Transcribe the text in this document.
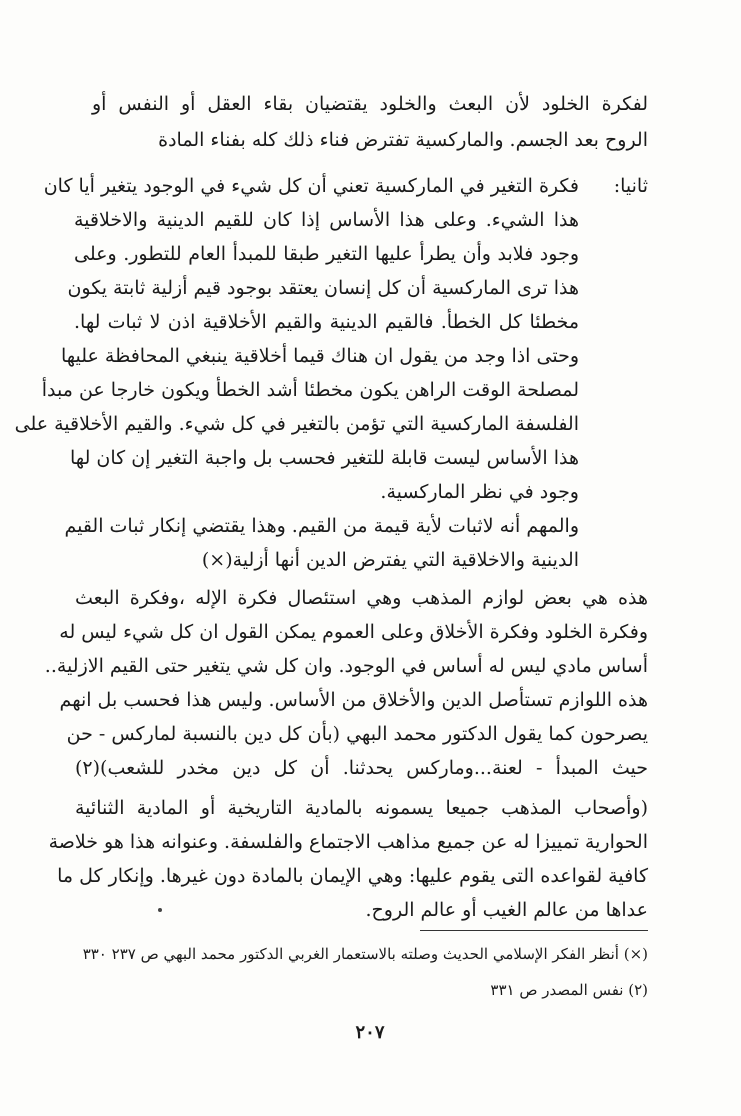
لفكرة الخلود لأن البعث والخلود يقتضيان بقاء العقل أو النفس أو
الروح بعد الجسم. والماركسية تفترض فناء ذلك كله بفناء المادة
ثانيا:
فكرة التغير في الماركسية تعني أن كل شيء في الوجود يتغير أيا كان
هذا الشيء. وعلى هذا الأساس إذا كان للقيم الدينية والاخلاقية
وجود فلابد وأن يطرأ عليها التغير طبقا للمبدأ العام للتطور. وعلى
هذا ترى الماركسية أن كل إنسان يعتقد بوجود قيم أزلية ثابتة يكون
مخطئا كل الخطأ. فالقيم الدينية والقيم الأخلاقية اذن لا ثبات لها.
وحتى اذا وجد من يقول ان هناك قيما أخلاقية ينبغي المحافظة عليها
لمصلحة الوقت الراهن يكون مخطئا أشد الخطأ ويكون خارجا عن مبدأ
الفلسفة الماركسية التي تؤمن بالتغير في كل شيء. والقيم الأخلاقية على
هذا الأساس ليست قابلة للتغير فحسب بل واجبة التغير إن كان لها
وجود في نظر الماركسية.
والمهم أنه لاثبات لأية قيمة من القيم. وهذا يقتضي إنكار ثبات القيم
الدينية والاخلاقية التي يفترض الدين أنها أزلية(×)
هذه هي بعض لوازم المذهب وهي استئصال فكرة الإله ،وفكرة البعث
وفكرة الخلود وفكرة الأخلاق وعلى العموم يمكن القول ان كل شيء ليس له
أساس مادي ليس له أساس في الوجود. وان كل شي يتغير حتى القيم الازلية..
هذه اللوازم تستأصل الدين والأخلاق من الأساس. وليس هذا فحسب بل انهم
يصرحون كما يقول الدكتور محمد البهي (بأن كل دين بالنسبة لماركس - حن
حيث المبدأ - لعنة...وماركس يحدثنا. أن كل دين مخدر للشعب)(٢)
(وأصحاب المذهب جميعا يسمونه بالمادية التاريخية أو المادية الثنائية
الحوارية تمييزا له عن جميع مذاهب الاجتماع والفلسفة. وعنوانه هذا هو خلاصة
كافية لقواعده التى يقوم عليها: وهي الإيمان بالمادة دون غيرها. وإنكار كل ما
عداها من عالم الغيب أو عالم الروح.
(×) أنظر الفكر الإسلامي الحديث وصلته بالاستعمار الغربي الدكتور محمد البهي ص ٢٣٧ ٣٣٠
(٢) نفس المصدر ص ٣٣١
٢٠٧
